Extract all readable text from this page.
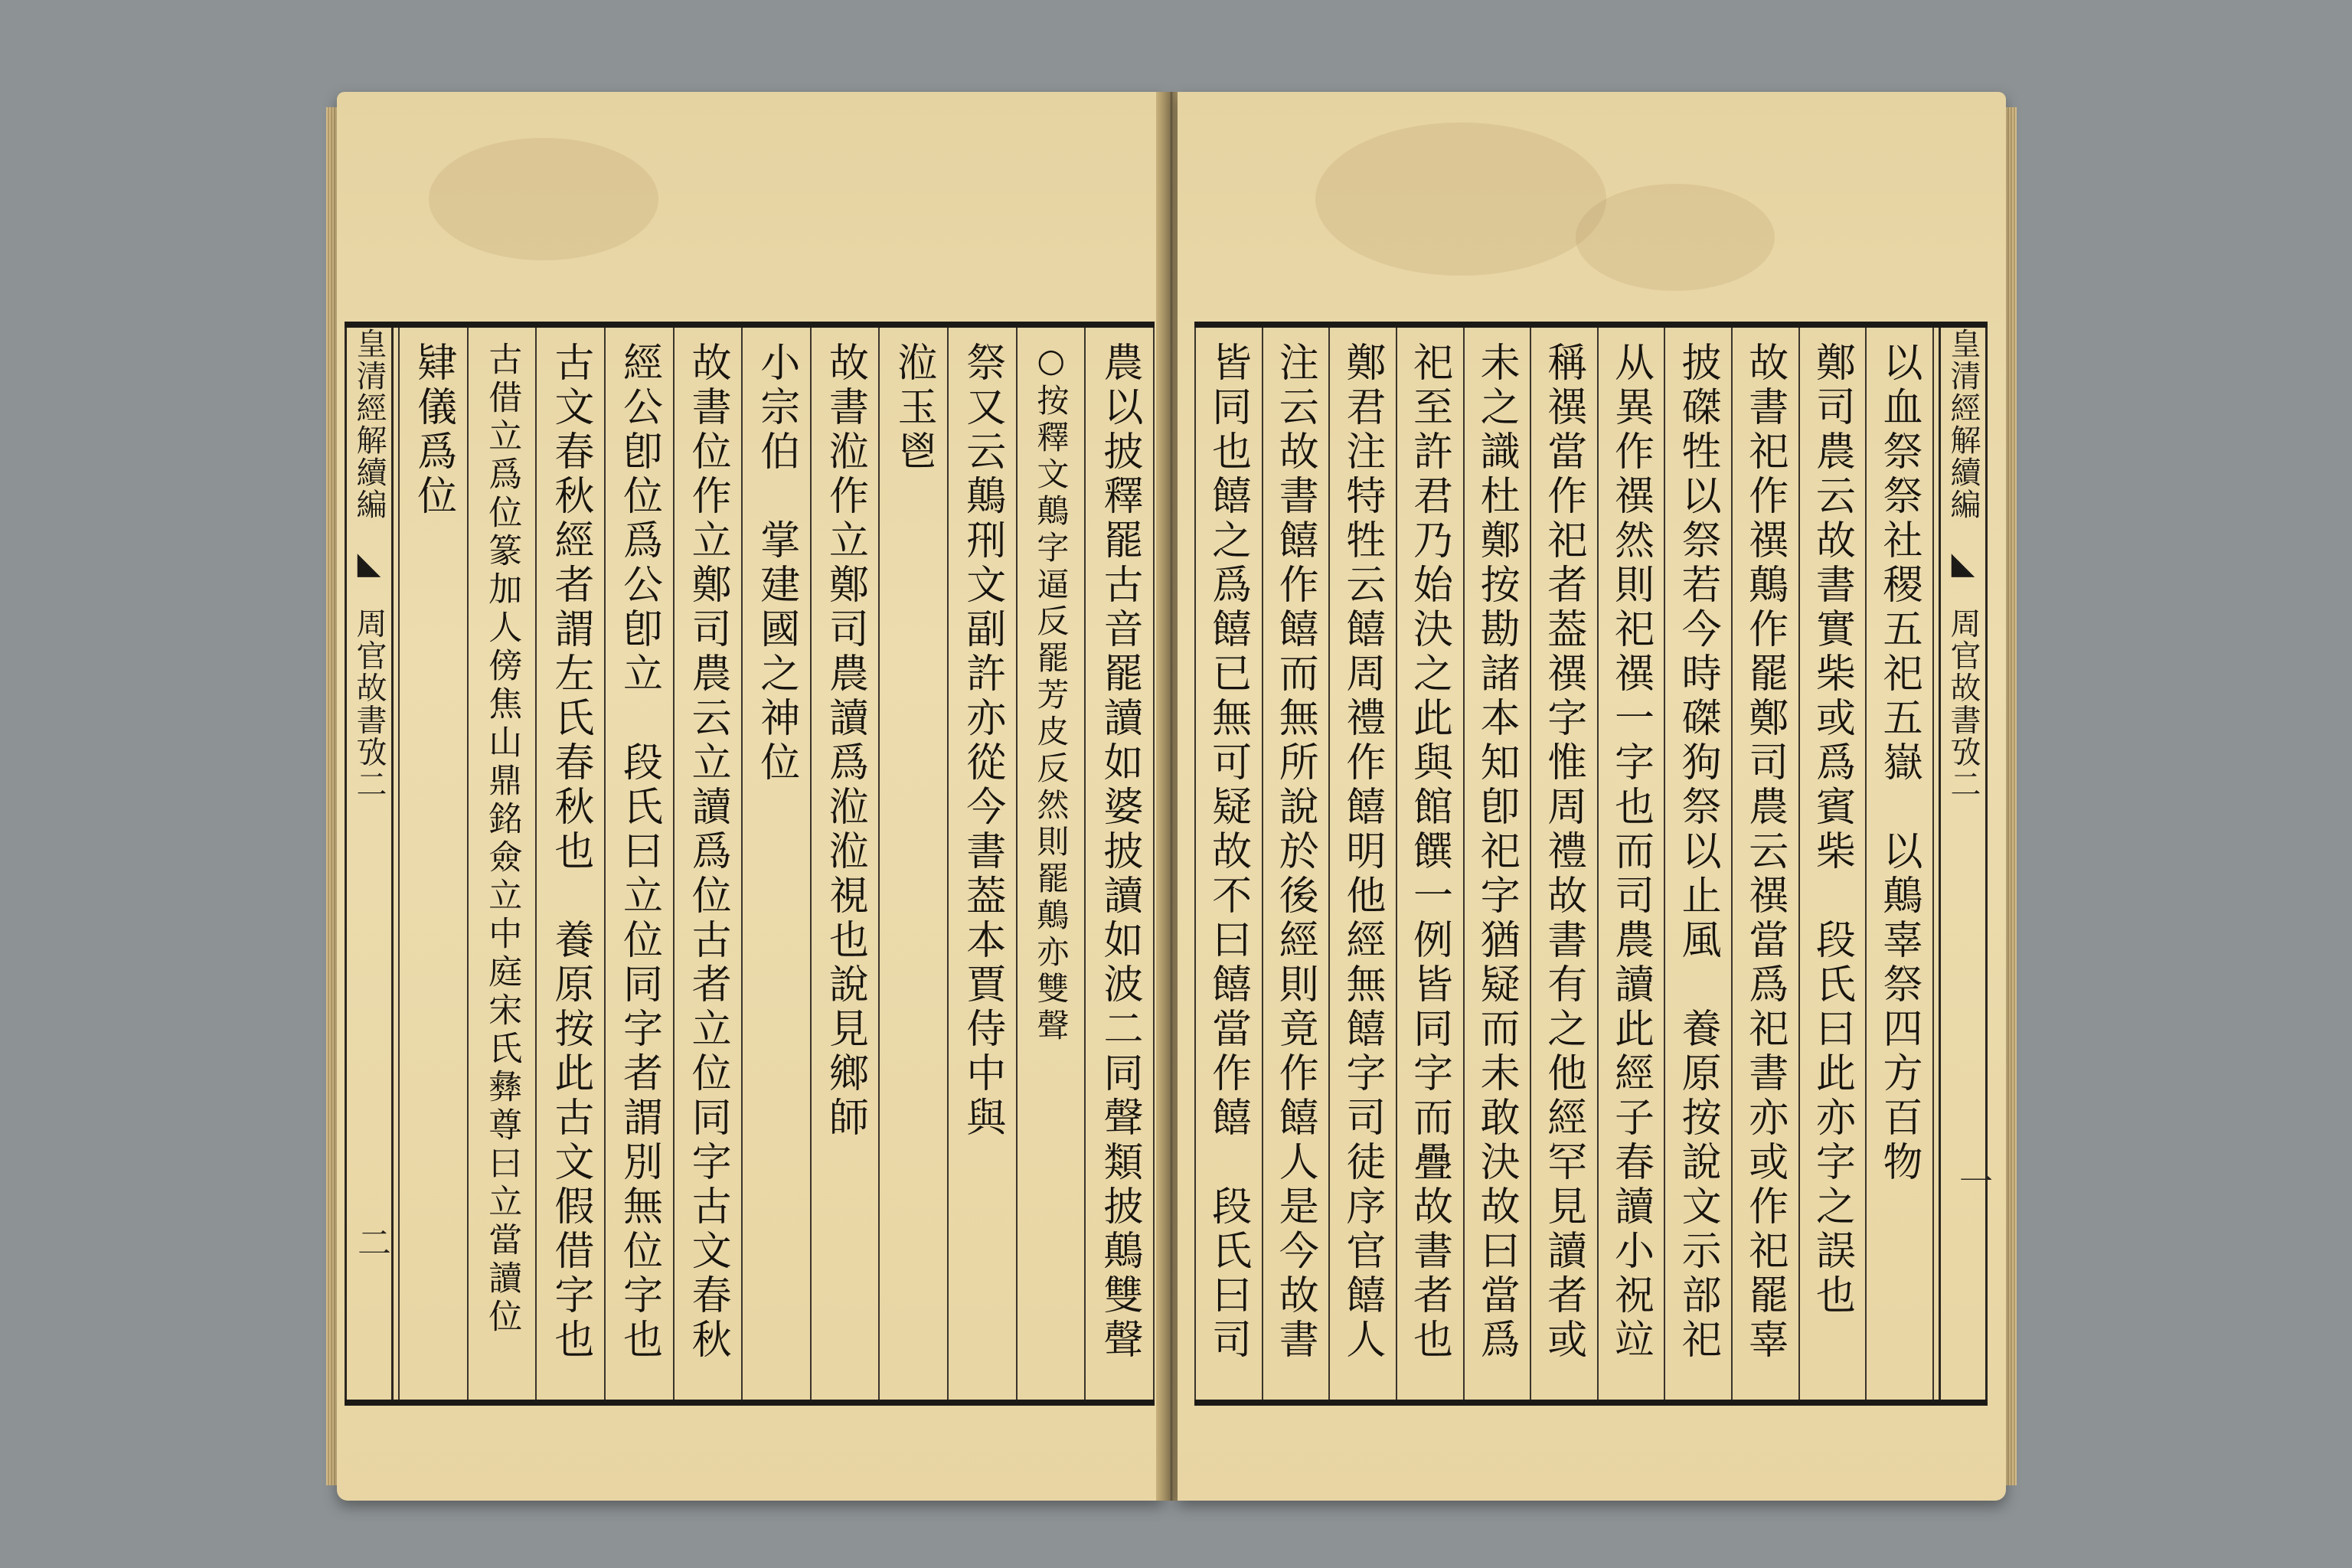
皇清經解續編 ◣ 周官故書攷二	農以披釋罷古音罷讀如婆披讀如波二同聲類披鷏雙聲
○按釋文鷏字逼反罷芳皮反然則罷鷏亦雙聲
祭又云鷏𠛬文副許亦從今書葢本賈侍中與
涖玉鬯
故書涖作立鄭司農讀爲涖涖視也說見鄉師
小宗伯　掌建國之神位
故書位作立鄭司農云立讀爲位古者立位同字古文春秋
經公卽位爲公卽立　段氏曰立位同字者謂別無位字也
古文春秋經者謂左氏春秋也　養原按此古文假借字也
古借立爲位篆加人傍焦山鼎銘僉立中庭宋氏彝尊曰立當讀位
肄儀爲位
二
皇清經解續編 ◣ 周官故書攷二
以血祭祭社稷五祀五嶽　以鷏辜祭四方百物
鄭司農云故書實柴或爲賓柴　段氏曰此亦字之誤也
故書祀作禩鷏作罷鄭司農云禩當爲祀書亦或作祀罷辜
披磔牲以祭若今時磔狗祭以止風　養原按說文示部祀
从異作禩然則祀禩一字也而司農讀此經子春讀小祝竝
稱禩當作祀者葢禩字惟周禮故書有之他經罕見讀者或
未之識杜鄭按勘諸本知卽祀字猶疑而未敢決故曰當爲
祀至許君乃始決之此與館饌一例皆同字而疊故書者也
鄭君注特牲云饎周禮作饎明他經無饎字司徒序官饎人
注云故書饎作饎而無所說於後經則竟作饎人是今故書
皆同也饎之爲饎已無可疑故不曰饎當作饎　段氏曰司	一
